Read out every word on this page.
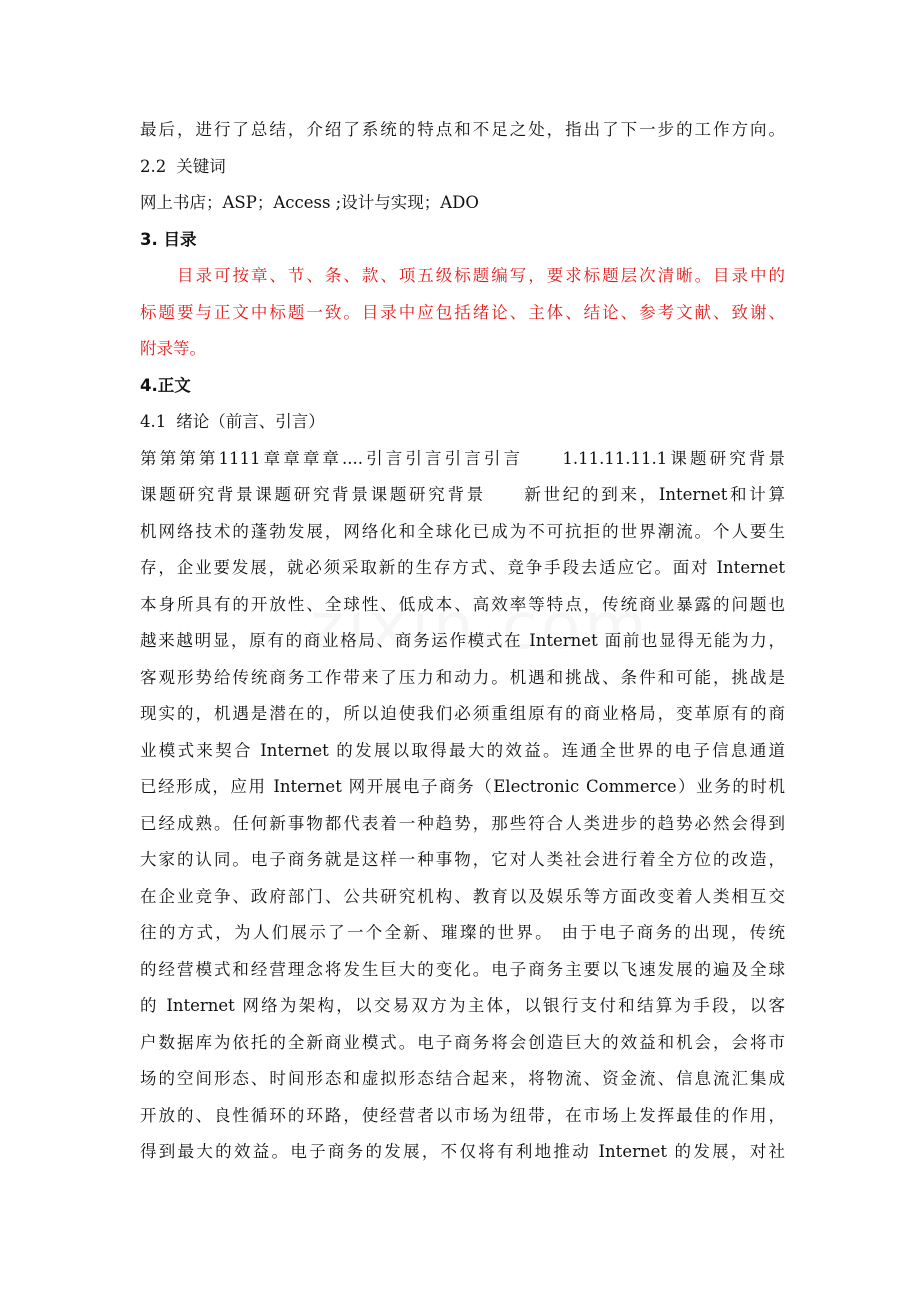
最后，进行了总结，介绍了系统的特点和不足之处，指出了下一步的工作方向。
2.2 关键词
网上书店；ASP；Access ;设计与实现；ADO
3. 目录
目录可按章、节、条、款、项五级标题编写，要求标题层次清晰。目录中的
标题要与正文中标题一致。目录中应包括绪论、主体、结论、参考文献、致谢、
附录等。
4.正文
4.1 绪论（前言、引言）
第第第第1111章章章章....引言引言引言引言　　1.11.11.11.1课题研究背景
课题研究背景课题研究背景课题研究背景　　新世纪的到来，Internet和计算
机网络技术的蓬勃发展，网络化和全球化已成为不可抗拒的世界潮流。个人要生
存，企业要发展，就必须采取新的生存方式、竞争手段去适应它。面对 Internet
本身所具有的开放性、全球性、低成本、高效率等特点，传统商业暴露的问题也
越来越明显，原有的商业格局、商务运作模式在 Internet 面前也显得无能为力，
客观形势给传统商务工作带来了压力和动力。机遇和挑战、条件和可能，挑战是
现实的，机遇是潜在的，所以迫使我们必须重组原有的商业格局，变革原有的商
业模式来契合 Internet 的发展以取得最大的效益。连通全世界的电子信息通道
已经形成，应用 Internet 网开展电子商务（Electronic Commerce）业务的时机
已经成熟。任何新事物都代表着一种趋势，那些符合人类进步的趋势必然会得到
大家的认同。电子商务就是这样一种事物，它对人类社会进行着全方位的改造，
在企业竞争、政府部门、公共研究机构、教育以及娱乐等方面改变着人类相互交
往的方式，为人们展示了一个全新、璀璨的世界。 由于电子商务的出现，传统
的经营模式和经营理念将发生巨大的变化。电子商务主要以飞速发展的遍及全球
的 Internet 网络为架构，以交易双方为主体，以银行支付和结算为手段，以客
户数据库为依托的全新商业模式。电子商务将会创造巨大的效益和机会，会将市
场的空间形态、时间形态和虚拟形态结合起来，将物流、资金流、信息流汇集成
开放的、良性循环的环路，使经营者以市场为纽带，在市场上发挥最佳的作用，
得到最大的效益。电子商务的发展，不仅将有利地推动 Internet 的发展，对社
